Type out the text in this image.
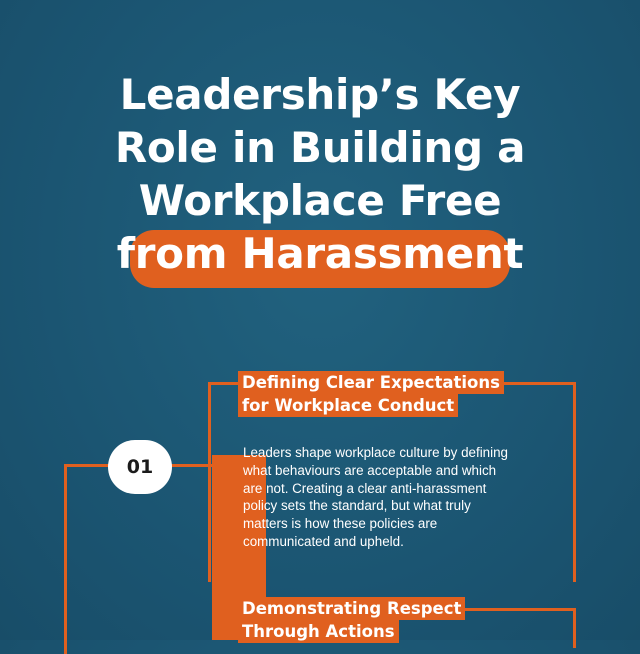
Leadership’s Key
Role in Building a
Workplace Free
from Harassment
01
Defining Clear Expectations
for Workplace Conduct
Leaders shape workplace culture by defining
what behaviours are acceptable and which
are not. Creating a clear anti-harassment
policy sets the standard, but what truly
matters is how these policies are
communicated and upheld.
Demonstrating Respect
Through Actions
